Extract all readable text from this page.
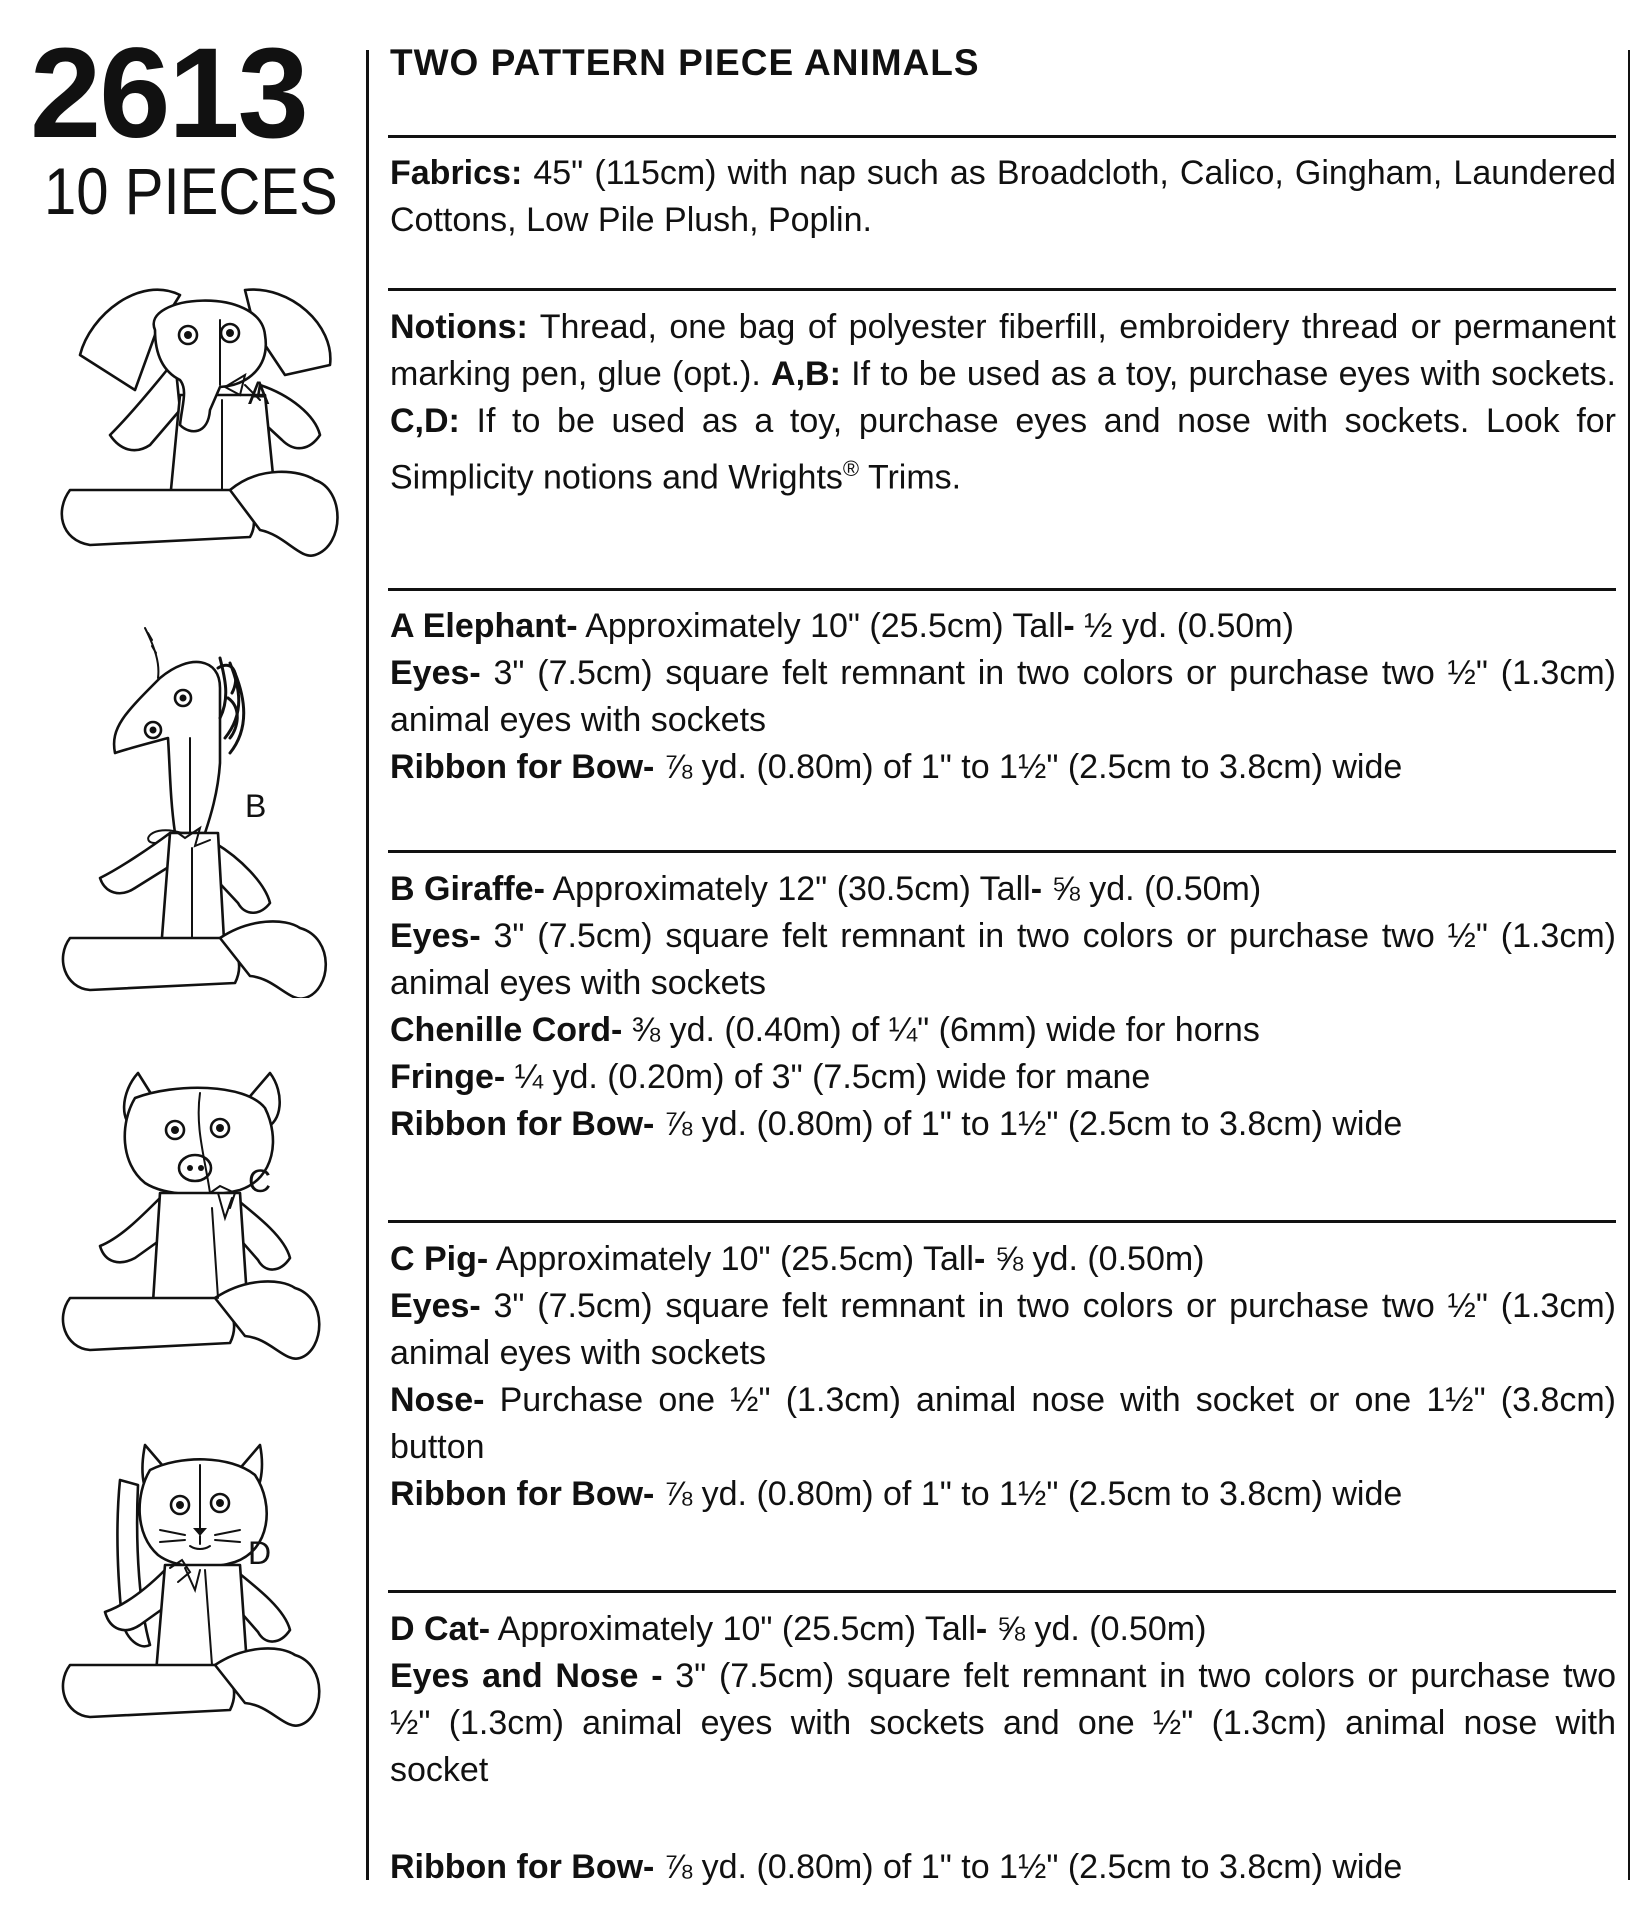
2613
10 PIECES
TWO PATTERN PIECE ANIMALS

Fabrics: 45" (115cm) with nap such as Broadcloth, Calico, Gingham, Laundered Cottons, Low Pile Plush, Poplin.

Notions: Thread, one bag of polyester fiberfill, embroidery thread or permanent marking pen, glue (opt.). A,B: If to be used as a toy, purchase eyes with sockets. C,D: If to be used as a toy, purchase eyes and nose with sockets. Look for Simplicity notions and Wrights® Trims.

A Elephant- Approximately 10" (25.5cm) Tall- ½ yd. (0.50m)

Eyes- 3" (7.5cm) square felt remnant in two colors or purchase two ½" (1.3cm) animal eyes with sockets

Ribbon for Bow- ⅞ yd. (0.80m) of 1" to 1½" (2.5cm to 3.8cm) wide

B Giraffe- Approximately 12" (30.5cm) Tall- ⅝ yd. (0.50m)

Eyes- 3" (7.5cm) square felt remnant in two colors or purchase two ½" (1.3cm) animal eyes with sockets

Chenille Cord- ⅜ yd. (0.40m) of ¼" (6mm) wide for horns

Fringe- ¼ yd. (0.20m) of 3" (7.5cm) wide for mane

Ribbon for Bow- ⅞ yd. (0.80m) of 1" to 1½" (2.5cm to 3.8cm) wide

C Pig- Approximately 10" (25.5cm) Tall- ⅝ yd. (0.50m)

Eyes- 3" (7.5cm) square felt remnant in two colors or purchase two ½" (1.3cm) animal eyes with sockets

Nose- Purchase one ½" (1.3cm) animal nose with socket or one 1½" (3.8cm) button

Ribbon for Bow- ⅞ yd. (0.80m) of 1" to 1½" (2.5cm to 3.8cm) wide

D Cat- Approximately 10" (25.5cm) Tall- ⅝ yd. (0.50m)

Eyes and Nose - 3" (7.5cm) square felt remnant in two colors or purchase two ½" (1.3cm) animal eyes with sockets and one ½" (1.3cm) animal nose with socket

Ribbon for Bow- ⅞ yd. (0.80m) of 1" to 1½" (2.5cm to 3.8cm) wide

A
B
C
D
